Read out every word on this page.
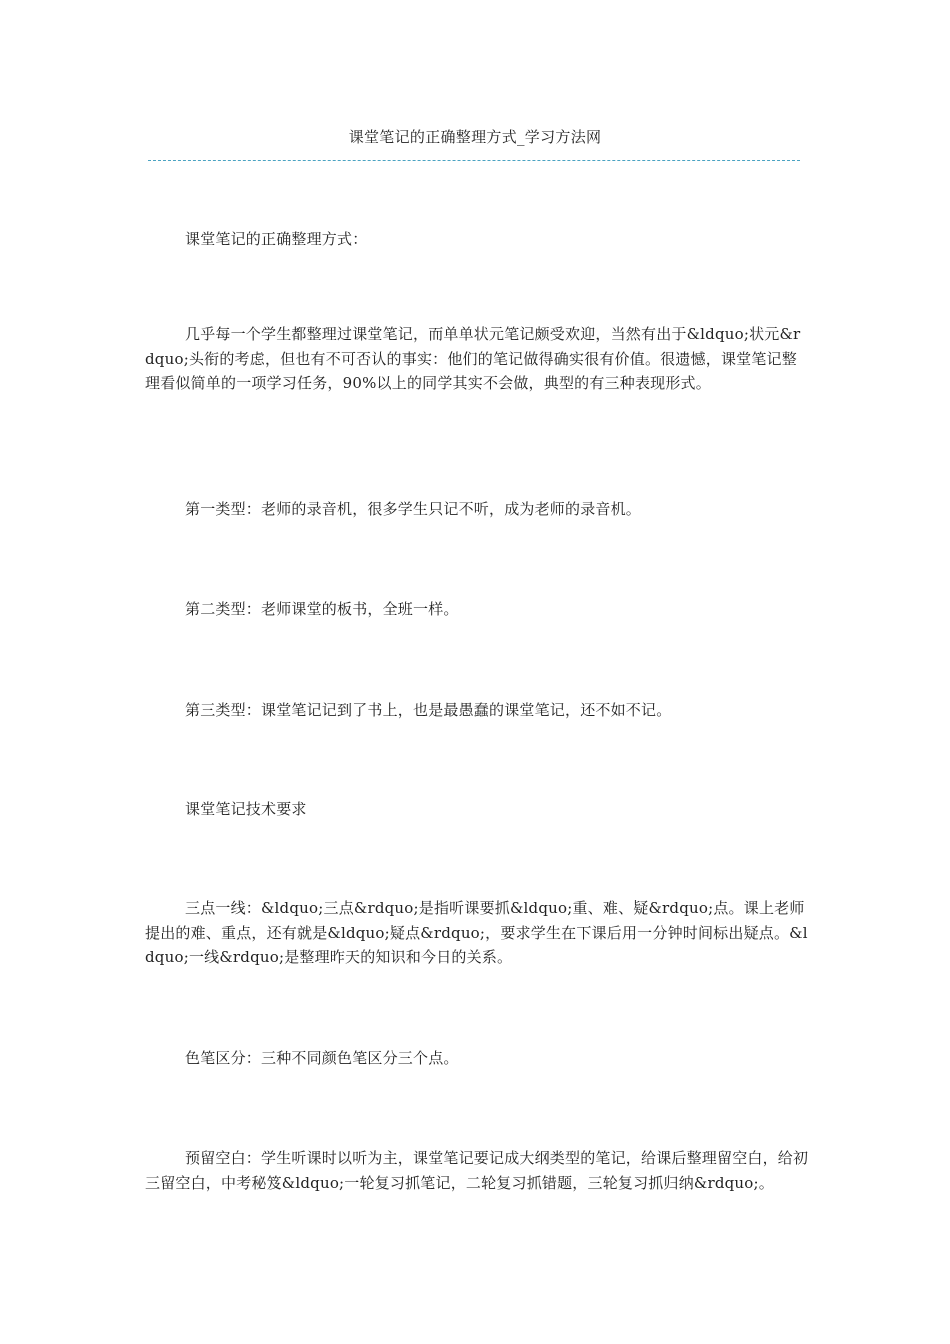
课堂笔记的正确整理方式_学习方法网

课堂笔记的正确整理方式：

几乎每一个学生都整理过课堂笔记，而单单状元笔记颇受欢迎，当然有出于&ldquo;状元&rdquo;头衔的考虑，但也有不可否认的事实：他们的笔记做得确实很有价值。很遗憾，课堂笔记整理看似简单的一项学习任务，90%以上的同学其实不会做，典型的有三种表现形式。

第一类型：老师的录音机，很多学生只记不听，成为老师的录音机。

第二类型：老师课堂的板书，全班一样。

第三类型：课堂笔记记到了书上，也是最愚蠢的课堂笔记，还不如不记。

课堂笔记技术要求

三点一线：&ldquo;三点&rdquo;是指听课要抓&ldquo;重、难、疑&rdquo;点。课上老师提出的难、重点，还有就是&ldquo;疑点&rdquo;，要求学生在下课后用一分钟时间标出疑点。&ldquo;一线&rdquo;是整理昨天的知识和今日的关系。

色笔区分：三种不同颜色笔区分三个点。

预留空白：学生听课时以听为主，课堂笔记要记成大纲类型的笔记，给课后整理留空白，给初三留空白，中考秘笈&ldquo;一轮复习抓笔记，二轮复习抓错题，三轮复习抓归纳&rdquo;。
